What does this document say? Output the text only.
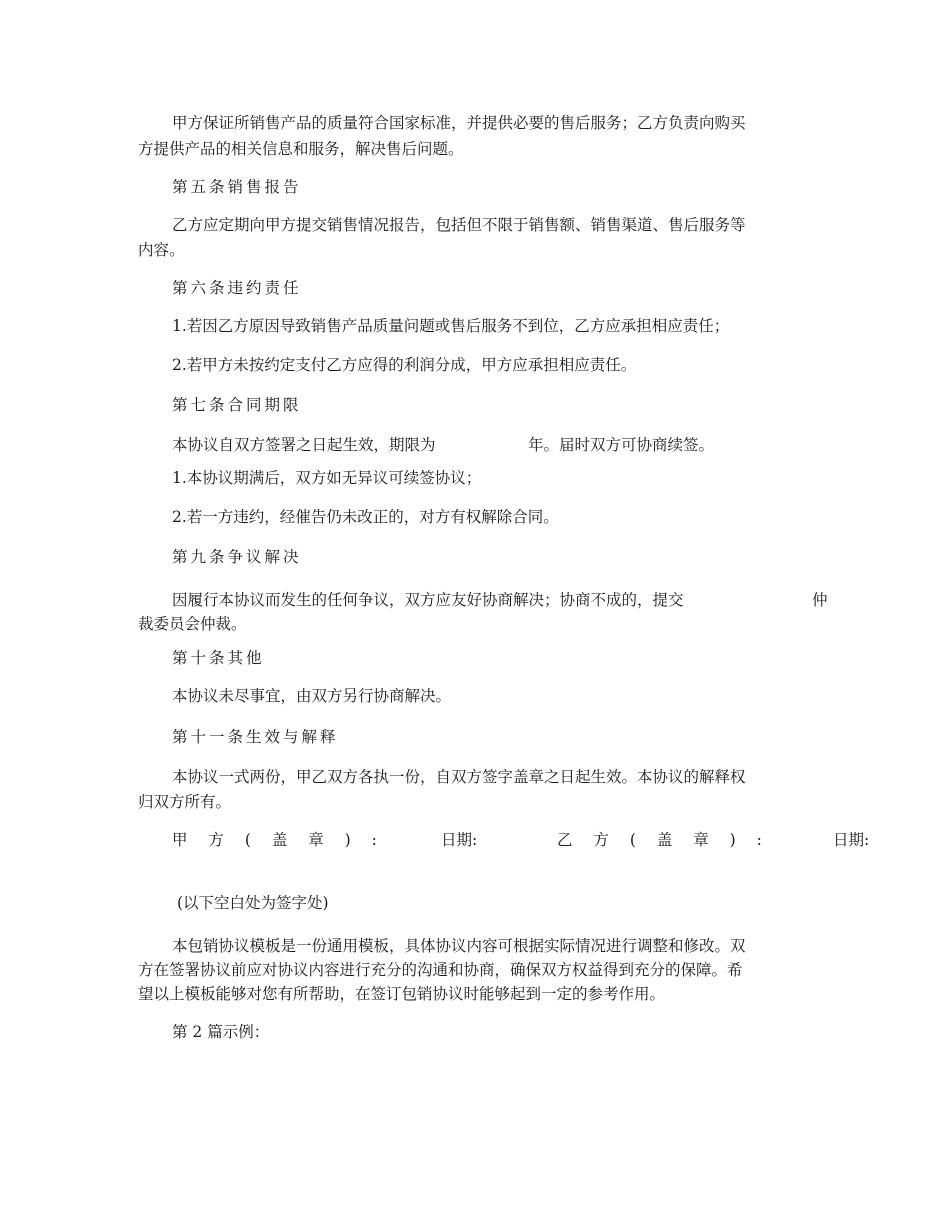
甲方保证所销售产品的质量符合国家标准，并提供必要的售后服务；乙方负责向购买
方提供产品的相关信息和服务，解决售后问题。
第五条销售报告
乙方应定期向甲方提交销售情况报告，包括但不限于销售额、销售渠道、售后服务等
内容。
第六条违约责任
1.若因乙方原因导致销售产品质量问题或售后服务不到位，乙方应承担相应责任；
2.若甲方未按约定支付乙方应得的利润分成，甲方应承担相应责任。
第七条合同期限
本协议自双方签署之日起生效，期限为	年。届时双方可协商续签。
1.本协议期满后，双方如无异议可续签协议；
2.若一方违约，经催告仍未改正的，对方有权解除合同。
第九条争议解决
因履行本协议而发生的任何争议，双方应友好协商解决；协商不成的，提交	仲
裁委员会仲裁。
第十条其他
本协议未尽事宜，由双方另行协商解决。
第十一条生效与解释
本协议一式两份，甲乙双方各执一份，自双方签字盖章之日起生效。本协议的解释权
归双方所有。
甲 方 ( 盖 章 ) :	日期:	乙 方 ( 盖 章 ) :	日期:
(以下空白处为签字处)
本包销协议模板是一份通用模板，具体协议内容可根据实际情况进行调整和修改。双
方在签署协议前应对协议内容进行充分的沟通和协商，确保双方权益得到充分的保障。希
望以上模板能够对您有所帮助，在签订包销协议时能够起到一定的参考作用。
第 2 篇示例：
